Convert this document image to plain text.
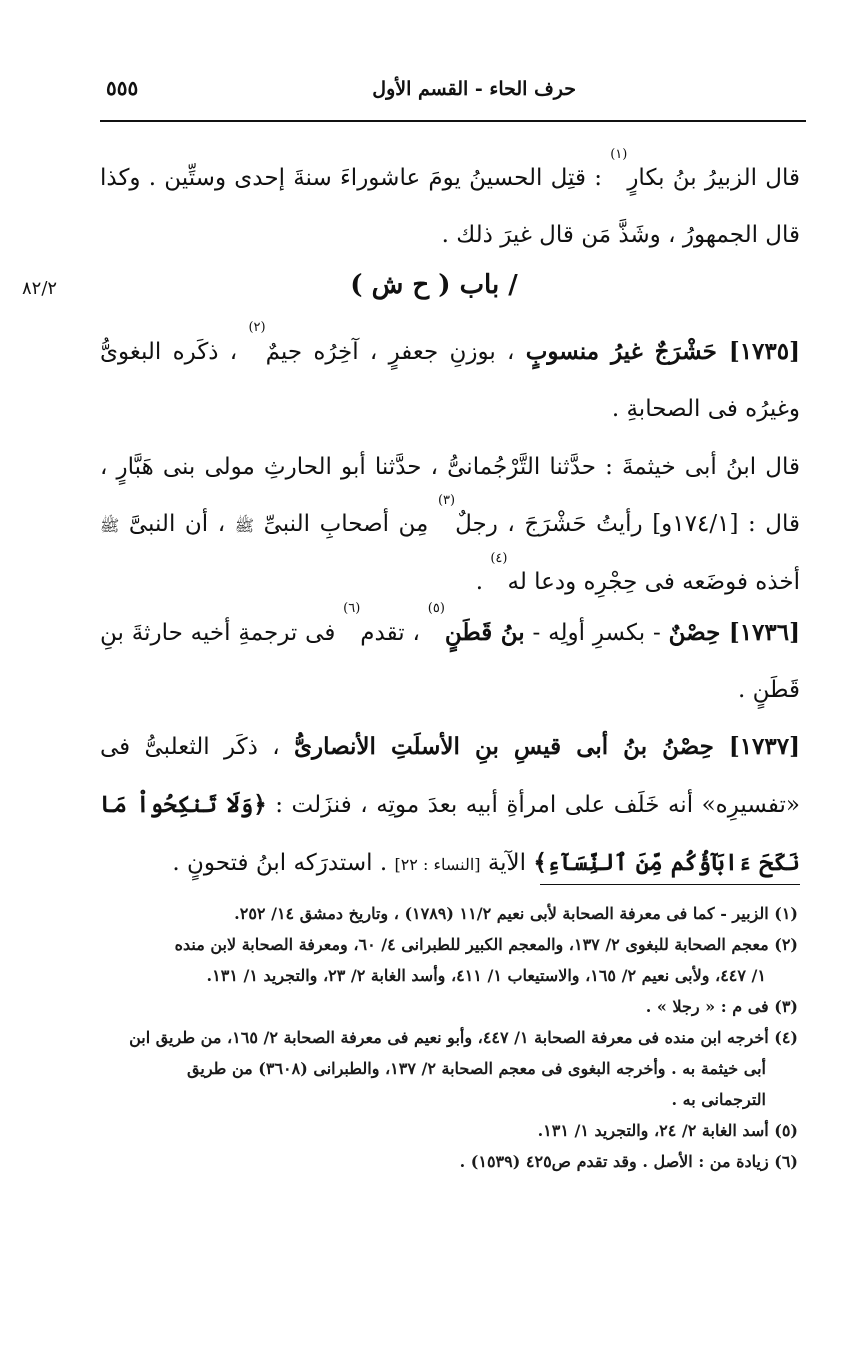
٥٥٥	حرف الحاء - القسم الأول

قال الزبيرُ بنُ بكارٍ$^{(١)}$ : قتِل الحسينُ يومَ عاشوراءَ سنةَ إحدى وستِّين . وكذا قال الجمهورُ ، وشَذَّ مَن قال غيرَ ذلك .

٨٢/٢	/ باب ( ح ش )

[١٧٣٥] حَشْرَجٌ غيرُ منسوبٍ ، بوزنِ جعفرٍ ، آخِرُه جيمٌ$^{(٢)}$ ، ذكَره البغوىُّ وغيرُه فى الصحابةِ .

قال ابنُ أبى خيثمةَ : حدَّثنا التَّرْجُمانىُّ ، حدَّثنا أبو الحارثِ مولى بنى هَبَّارٍ ، قال : [١٧٤/١و] رأيتُ حَشْرَجَ ، رجلٌ$^{(٣)}$ مِن أصحابِ النبىِّ ﷺ ، أن النبىَّ ﷺ أخذه فوضَعه فى حِجْرِه ودعا له$^{(٤)}$ .

[١٧٣٦] حِصْنٌ - بكسرِ أولِه - بنُ قَطَنٍ$^{(٥)}$ ، تقدم$^{(٦)}$ فى ترجمةِ أخيه حارثةَ بنِ قَطَنٍ .

[١٧٣٧] حِصْنُ بنُ أبى قيسِ بنِ الأسلَتِ الأنصارىُّ ، ذكَر الثعلبىُّ فى «تفسيرِه» أنه خَلَف على امرأةِ أبيه بعدَ موتِه ، فنزَلت : ﴿وَلَا تَنكِحُواْ مَا نَكَحَ ءَابَآؤُكُم مِّنَ ٱلنِّسَآءِ﴾ الآية [النساء : ٢٢] . استدرَكه ابنُ فتحونٍ .

(١) الزبير - كما فى معرفة الصحابة لأبى نعيم ١١/٢ (١٧٨٩) ، وتاريخ دمشق ١٤/ ٢٥٢.

(٢) معجم الصحابة للبغوى ٢/ ١٣٧، والمعجم الكبير للطبرانى ٤/ ٦٠، ومعرفة الصحابة لابن منده

١/ ٤٤٧، ولأبى نعيم ٢/ ١٦٥، والاستيعاب ١/ ٤١١، وأسد الغابة ٢/ ٢٣، والتجريد ١/ ١٣١.

(٣) فى م : « رجلا » .

(٤) أخرجه ابن منده فى معرفة الصحابة ١/ ٤٤٧، وأبو نعيم فى معرفة الصحابة ٢/ ١٦٥، من طريق ابن

أبى خيثمة به . وأخرجه البغوى فى معجم الصحابة ٢/ ١٣٧، والطبرانى (٣٦٠٨) من طريق

الترجمانى به .

(٥) أسد الغابة ٢/ ٢٤، والتجريد ١/ ١٣١.

(٦) زيادة من : الأصل . وقد تقدم ص٤٢٥ (١٥٣٩) .
